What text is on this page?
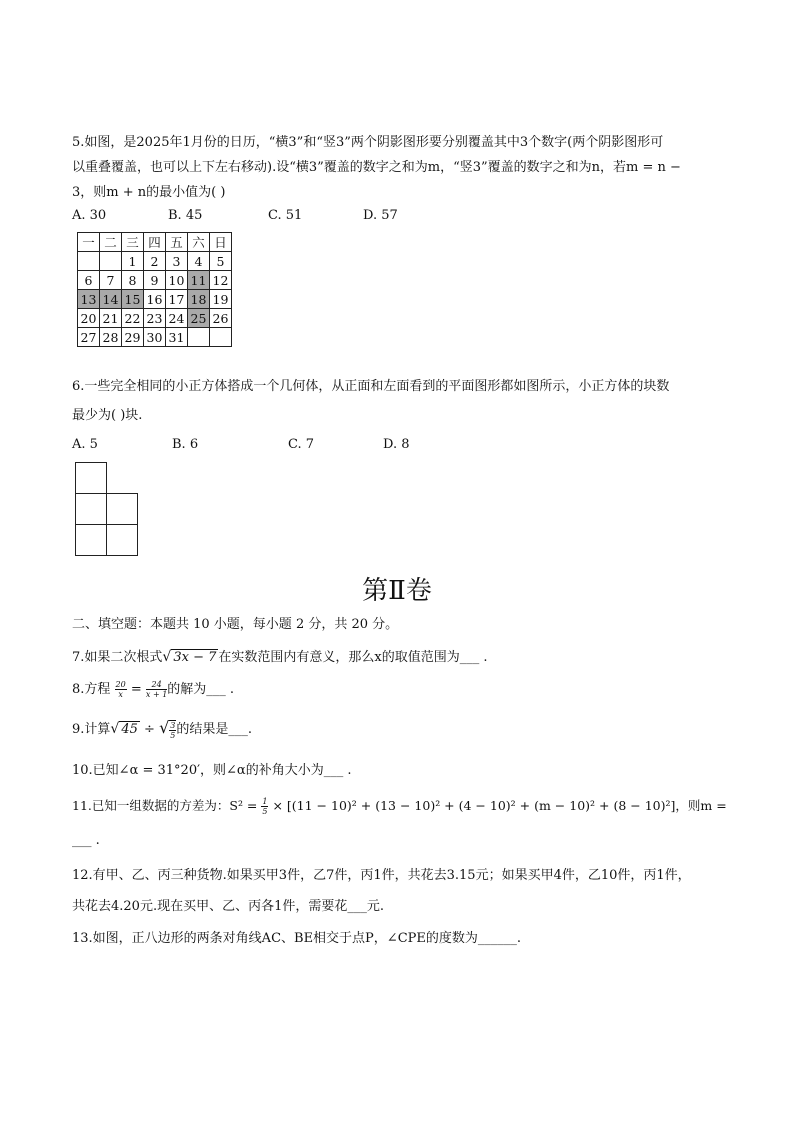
5.如图，是2025年1月份的日历，“横3”和“竖3”两个阴影图形要分别覆盖其中3个数字(两个阴影图形可
以重叠覆盖，也可以上下左右移动).设“横3”覆盖的数字之和为m，“竖3”覆盖的数字之和为n，若m = n −
3，则m + n的最小值为( )
A. 30	B. 45	C. 51	D. 57
一	二	三	四	五	六	日
		1	2	3	4	5
6	7	8	9	10	11	12
13	14	15	16	17	18	19
20	21	22	23	24	25	26
27	28	29	30	31		
6.一些完全相同的小正方体搭成一个几何体，从正面和左面看到的平面图形都如图所示，小正方体的块数
最少为( )块.
A. 5	B. 6	C. 7	D. 8
第Ⅱ卷
二、填空题：本题共 10 小题，每小题 2 分，共 20 分。
7.如果二次根式√ 3x − 7 在实数范围内有意义，那么x的取值范围为___ .
8.方程 $\frac{20}{x} = \frac{24}{x + 1}$ 的解为___ .
9.计算√ 45 ÷ √ $\frac{3}{5}$ 的结果是___.
10.已知∠α = 31°20′，则∠α的补角大小为___ .
11.已知一组数据的方差为：$S^2 = \frac{1}{5} \times [(11 - 10)^2 + (13 - 10)^2 + (4 - 10)^2 + (m - 10)^2 + (8 - 10)^2]$，则m =
___ .
12.有甲、乙、丙三种货物.如果买甲3件，乙7件，丙1件，共花去3.15元；如果买甲4件，乙10件，丙1件，
共花去4.20元.现在买甲、乙、丙各1件，需要花___元.
13.如图，正八边形的两条对角线AC、BE相交于点P，∠CPE的度数为______.
